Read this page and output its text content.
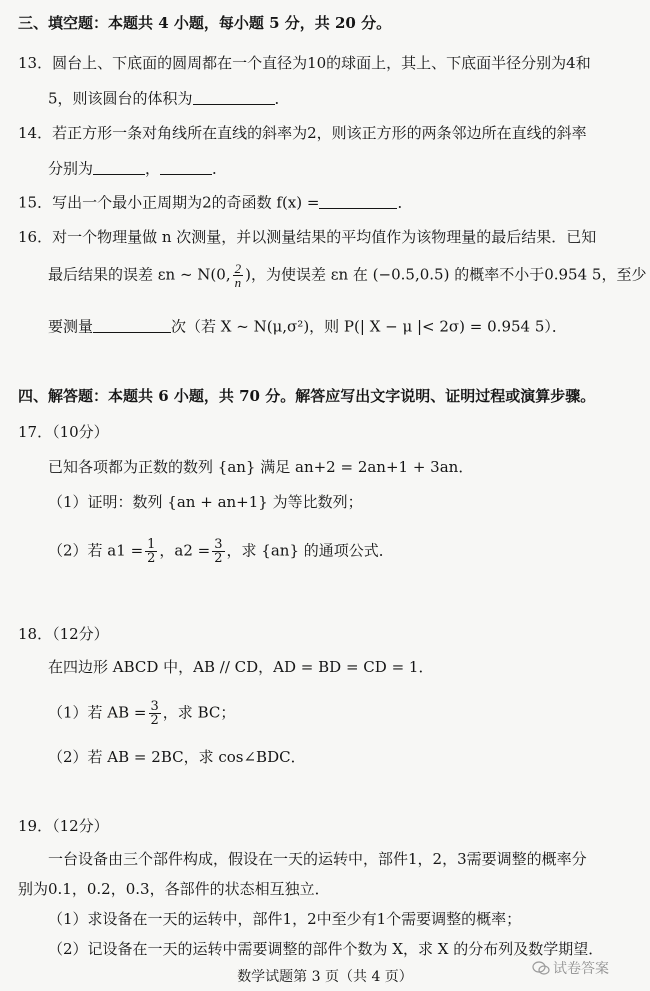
三、填空题：本题共 4 小题，每小题 5 分，共 20 分。
13．圆台上、下底面的圆周都在一个直径为10的球面上，其上、下底面半径分别为4和
5，则该圆台的体积为	．
14．若正方形一条对角线所在直线的斜率为2，则该正方形的两条邻边所在直线的斜率
分别为	，	．
15．写出一个最小正周期为2的奇函数 f(x) =	．
16．对一个物理量做 n 次测量，并以测量结果的平均值作为该物理量的最后结果．已知
最后结果的误差 εn ~ N(0, $\frac{2}{n}$ )，为使误差 εn 在 (−0.5,0.5) 的概率不小于0.954 5，至少
要测量	次（若 X ~ N(μ,σ²)，则 P(| X − μ |< 2σ) = 0.954 5）．
四、解答题：本题共 6 小题，共 70 分。解答应写出文字说明、证明过程或演算步骤。
17．（10分）
已知各项都为正数的数列 {an} 满足 an+2 = 2an+1 + 3an．
（1）证明：数列 {an + an+1} 为等比数列；
（2）若 $a1 = \frac{1}{2}$ ，$a2 = \frac{3}{2}$ ，求 {an} 的通项公式．
18．（12分）
在四边形 ABCD 中，AB // CD，AD = BD = CD = 1．
（1）若 AB = $\frac{3}{2}$ ，求 BC；
（2）若 AB = 2BC，求 cos∠BDC．
19．（12分）
一台设备由三个部件构成，假设在一天的运转中，部件1，2，3需要调整的概率分
别为0.1，0.2，0.3，各部件的状态相互独立．
（1）求设备在一天的运转中，部件1，2中至少有1个需要调整的概率；
（2）记设备在一天的运转中需要调整的部件个数为 X，求 X 的分布列及数学期望．
数学试题第 3 页（共 4 页）	试卷答案
